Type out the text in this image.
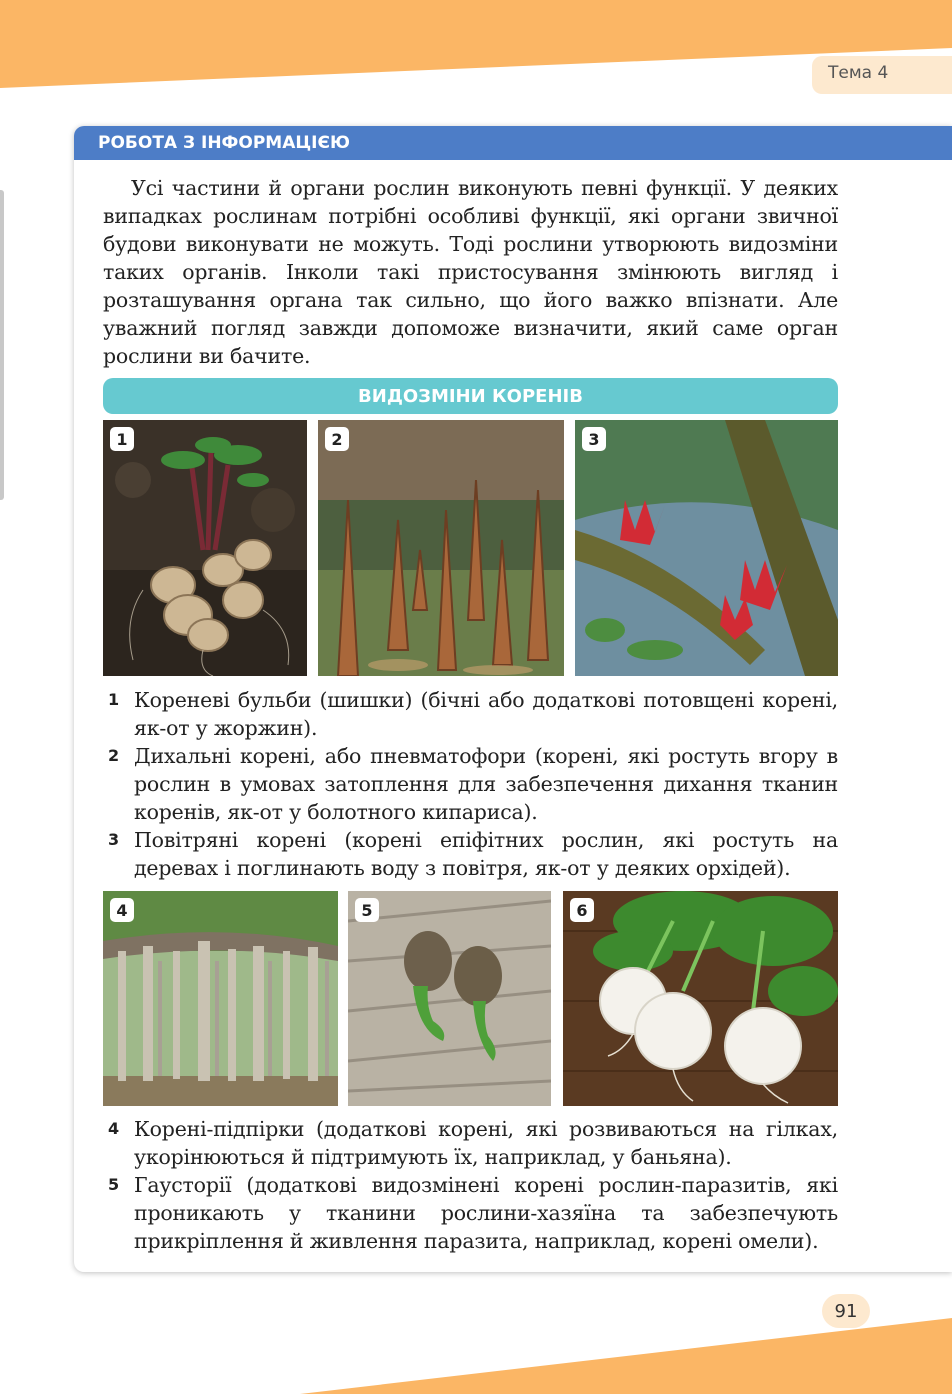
Тема 4
РОБОТА З ІНФОРМАЦІЄЮ

Усі частини й органи рослин виконують певні функції. У деяких випадках рослинам потрібні особливі функції, які органи звичної будови виконувати не можуть. Тоді рослини утворюють видозміни таких органів. Інколи такі пристосування змінюють вигляд і розташування органа так сильно, що його важко впізнати. Але уважний погляд завжди допоможе визначити, який саме орган рослини ви бачите.

ВИДОЗМІНИ КОРЕНІВ
1	2	3
1 Кореневі бульби (шишки) (бічні або додаткові потовщені корені, як-от у жоржин).
2 Дихальні корені, або пневматофори (корені, які ростуть вгору в рослин в умовах затоплення для забезпечення дихання тканин коренів, як-от у болотного кипариса).
3 Повітряні корені (корені епіфітних рослин, які ростуть на деревах і поглинають воду з повітря, як-от у деяких орхідей).
4	5	6
4 Корені-підпірки (додаткові корені, які розвиваються на гілках, укорінюються й підтримують їх, наприклад, у баньяна).
5 Гаусторії (додаткові видозмінені корені рослин-паразитів, які проникають у тканини рослини-хазяїна та забезпечують прикріплення й живлення паразита, наприклад, корені омели).
91
